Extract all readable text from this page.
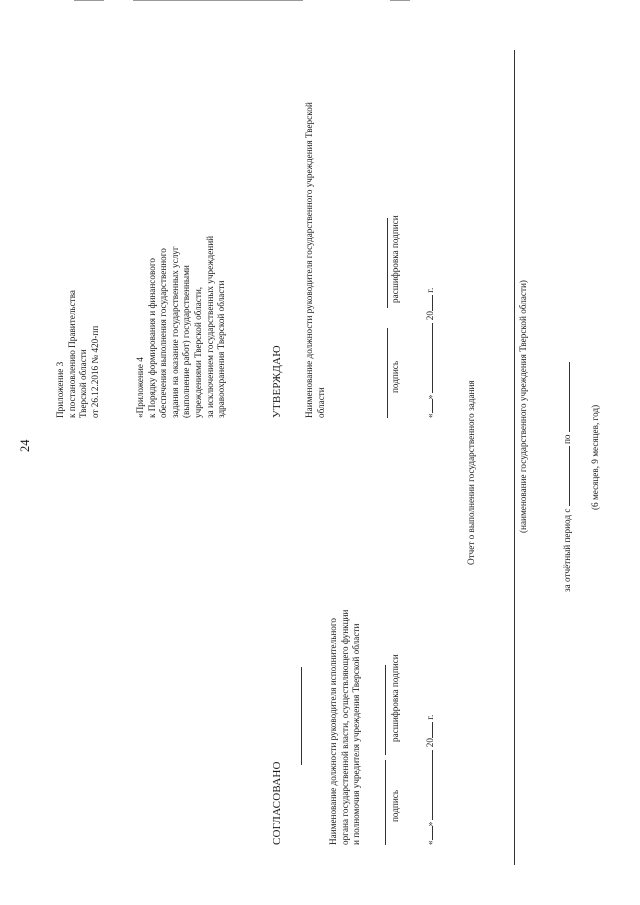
24
Приложение 3 к постановлению Правительства Тверской области от 26.12.2016 № 420-пп	«Приложение 4 к Порядку формирования и финансового обеспечения выполнения государственного задания на оказание государственных услуг (выполнение работ) государственными учреждениями Тверской области, за исключением государственных учреждений здравоохранения Тверской области	УТВЕРЖДАЮ Наименование должности руководителя государственного учреждения Тверской области
подпись
расшифровка подписи
«»  20 г.
СОГЛАСОВАНО	Наименование должности руководителя исполнительного органа государственной власти, осуществляющего функции и полномочия учредителя учреждения Тверской области	подпись
расшифровка подписи
«»  20 г.
Отчет о выполнении государственного задания	(наименование государственного учреждения Тверской области)
за отчётный период с  по (6 месяцев, 9 месяцев, год)
